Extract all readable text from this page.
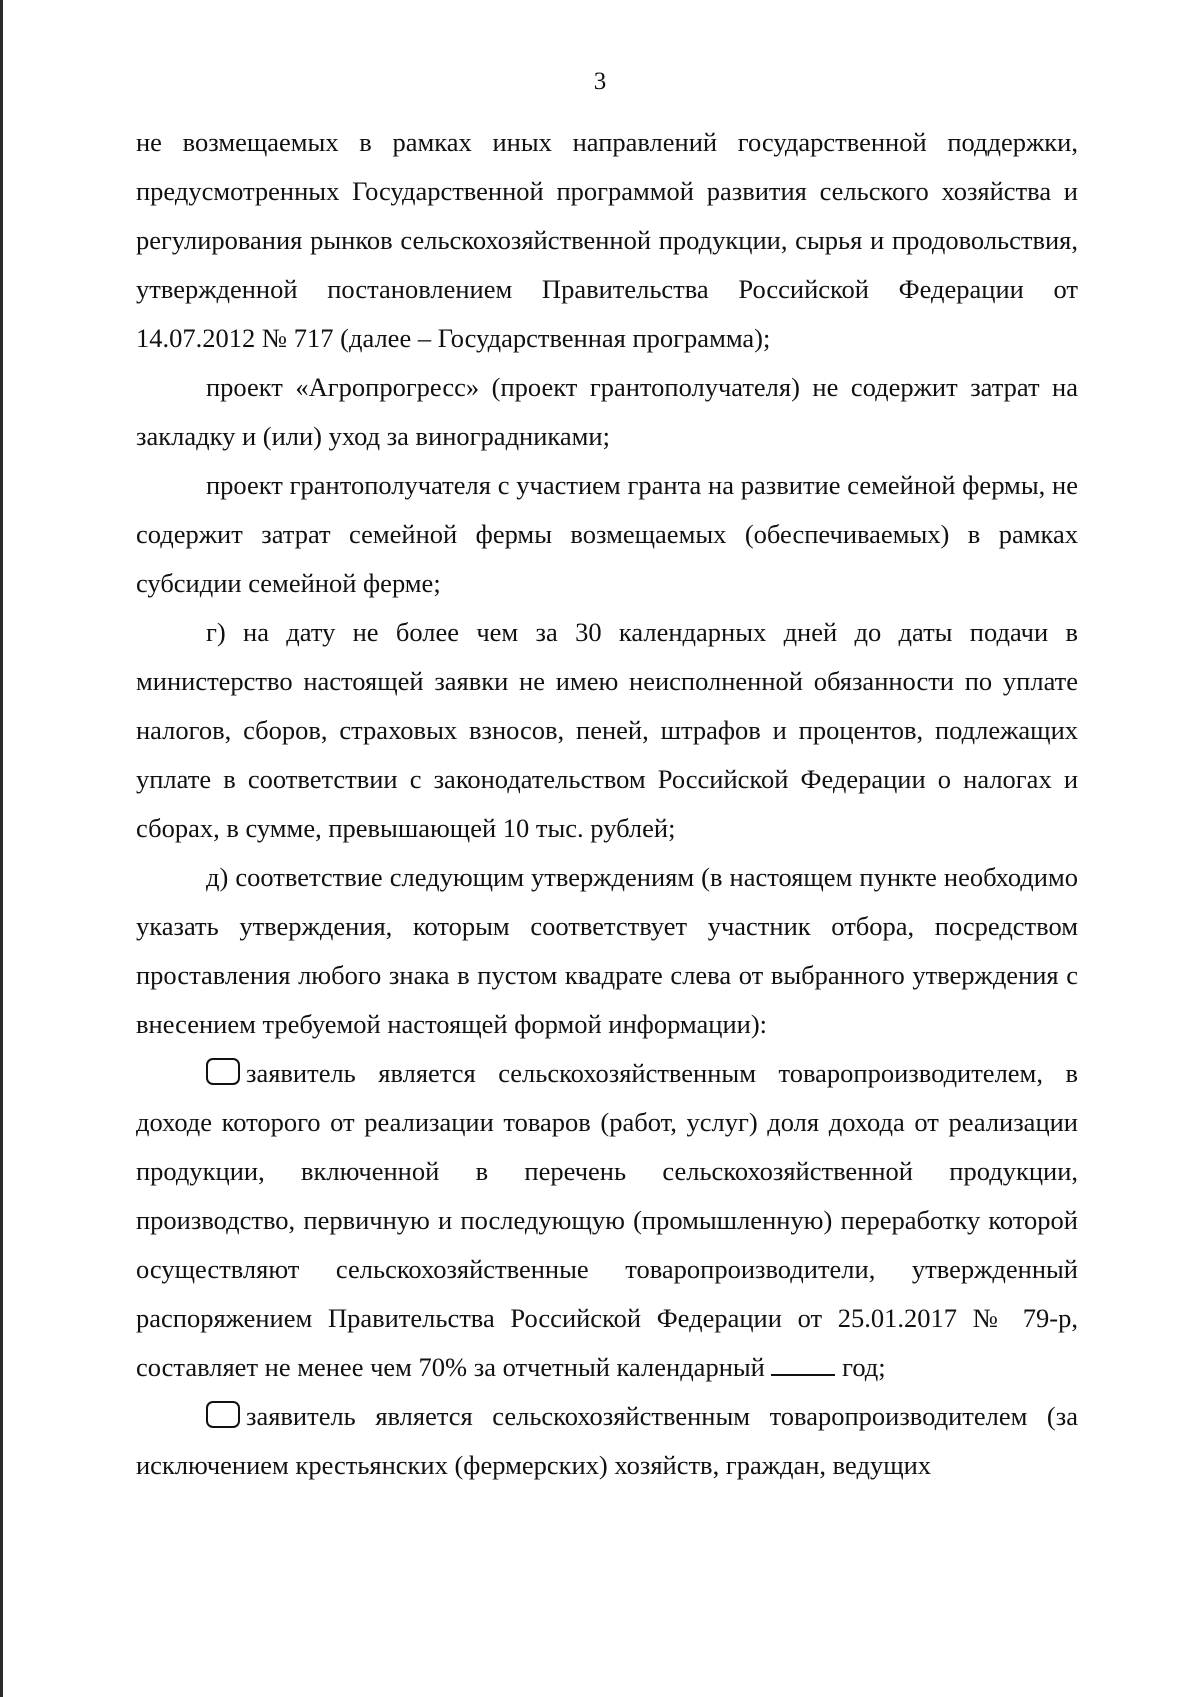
3

не возмещаемых в рамках иных направлений государственной поддержки, предусмотренных Государственной программой развития сельского хозяйства и регулирования рынков сельскохозяйственной продукции, сырья и продовольствия, утвержденной постановлением Правительства Российской Федерации от 14.07.2012 № 717 (далее – Государственная программа);

проект «Агропрогресс» (проект грантополучателя) не содержит затрат на закладку и (или) уход за виноградниками;

проект грантополучателя с участием гранта на развитие семейной фермы, не содержит затрат семейной фермы возмещаемых (обеспечиваемых) в рамках субсидии семейной ферме;

г) на дату не более чем за 30 календарных дней до даты подачи в министерство настоящей заявки не имею неисполненной обязанности по уплате налогов, сборов, страховых взносов, пеней, штрафов и процентов, подлежащих уплате в соответствии с законодательством Российской Федерации о налогах и сборах, в сумме, превышающей 10 тыс. рублей;

д) соответствие следующим утверждениям (в настоящем пункте необходимо указать утверждения, которым соответствует участник отбора, посредством проставления любого знака в пустом квадрате слева от выбранного утверждения с внесением требуемой настоящей формой информации):

заявитель является сельскохозяйственным товаропроизводителем, в доходе которого от реализации товаров (работ, услуг) доля дохода от реализации продукции, включенной в перечень сельскохозяйственной продукции, производство, первичную и последующую (промышленную) переработку которой осуществляют сельскохозяйственные товаропроизводители, утвержденный распоряжением Правительства Российской Федерации от 25.01.2017 № 79-р, составляет не менее чем 70% за отчетный календарный	год;

заявитель является сельскохозяйственным товаропроизводителем (за исключением крестьянских (фермерских) хозяйств, граждан, ведущих
